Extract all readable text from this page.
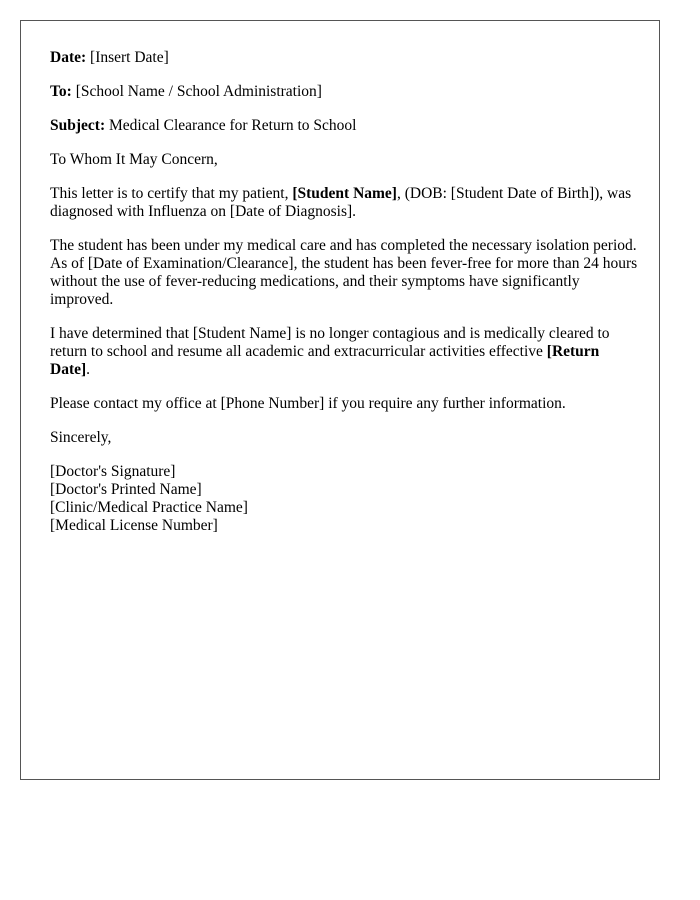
Date: [Insert Date]

To: [School Name / School Administration]

Subject: Medical Clearance for Return to School

To Whom It May Concern,

This letter is to certify that my patient, [Student Name], (DOB: [Student Date of Birth]), was diagnosed with Influenza on [Date of Diagnosis].

The student has been under my medical care and has completed the necessary isolation period. As of [Date of Examination/Clearance], the student has been fever-free for more than 24 hours without the use of fever-reducing medications, and their symptoms have significantly improved.

I have determined that [Student Name] is no longer contagious and is medically cleared to return to school and resume all academic and extracurricular activities effective [Return Date].

Please contact my office at [Phone Number] if you require any further information.

Sincerely,

[Doctor's Signature]
[Doctor's Printed Name]
[Clinic/Medical Practice Name]
[Medical License Number]
